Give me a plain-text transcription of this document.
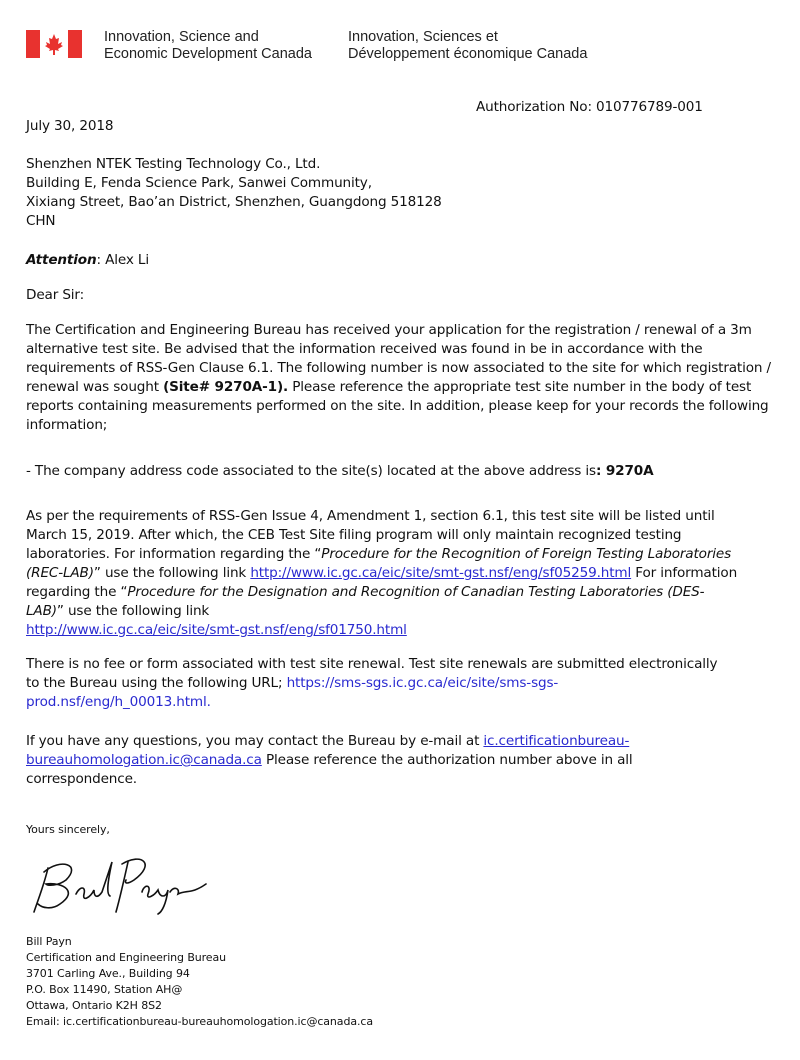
Innovation, Science and
Economic Development Canada
Innovation, Sciences et
Développement économique Canada
Authorization No: 010776789-001
July 30, 2018
Shenzhen NTEK Testing Technology Co., Ltd.
Building E, Fenda Science Park, Sanwei Community,
Xixiang Street, Bao’an District, Shenzhen, Guangdong 518128
CHN
Attention: Alex Li
Dear Sir:

The Certification and Engineering Bureau has received your application for the registration / renewal of a 3m alternative test site. Be advised that the information received was found in be in accordance with the requirements of RSS-Gen Clause 6.1. The following number is now associated to the site for which registration / renewal was sought (Site# 9270A-1). Please reference the appropriate test site number in the body of test reports containing measurements performed on the site. In addition, please keep for your records the following information;

- The company address code associated to the site(s) located at the above address is: 9270A

As per the requirements of RSS-Gen Issue 4, Amendment 1, section 6.1, this test site will be listed until March 15, 2019. After which, the CEB Test Site filing program will only maintain recognized testing laboratories. For information regarding the “Procedure for the Recognition of Foreign Testing Laboratories (REC-LAB)” use the following link http://www.ic.gc.ca/eic/site/smt-gst.nsf/eng/sf05259.html For information regarding the “Procedure for the Designation and Recognition of Canadian Testing Laboratories (DES-LAB)” use the following link
http://www.ic.gc.ca/eic/site/smt-gst.nsf/eng/sf01750.html

There is no fee or form associated with test site renewal. Test site renewals are submitted electronically to the Bureau using the following URL; https://sms-sgs.ic.gc.ca/eic/site/sms-sgs-prod.nsf/eng/h_00013.html.

If you have any questions, you may contact the Bureau by e-mail at ic.certificationbureau-bureauhomologation.ic@canada.ca Please reference the authorization number above in all correspondence.

Yours sincerely,
Bill Payn
Certification and Engineering Bureau
3701 Carling Ave., Building 94
P.O. Box 11490, Station AH@
Ottawa, Ontario K2H 8S2
Email: ic.certificationbureau-bureauhomologation.ic@canada.ca
